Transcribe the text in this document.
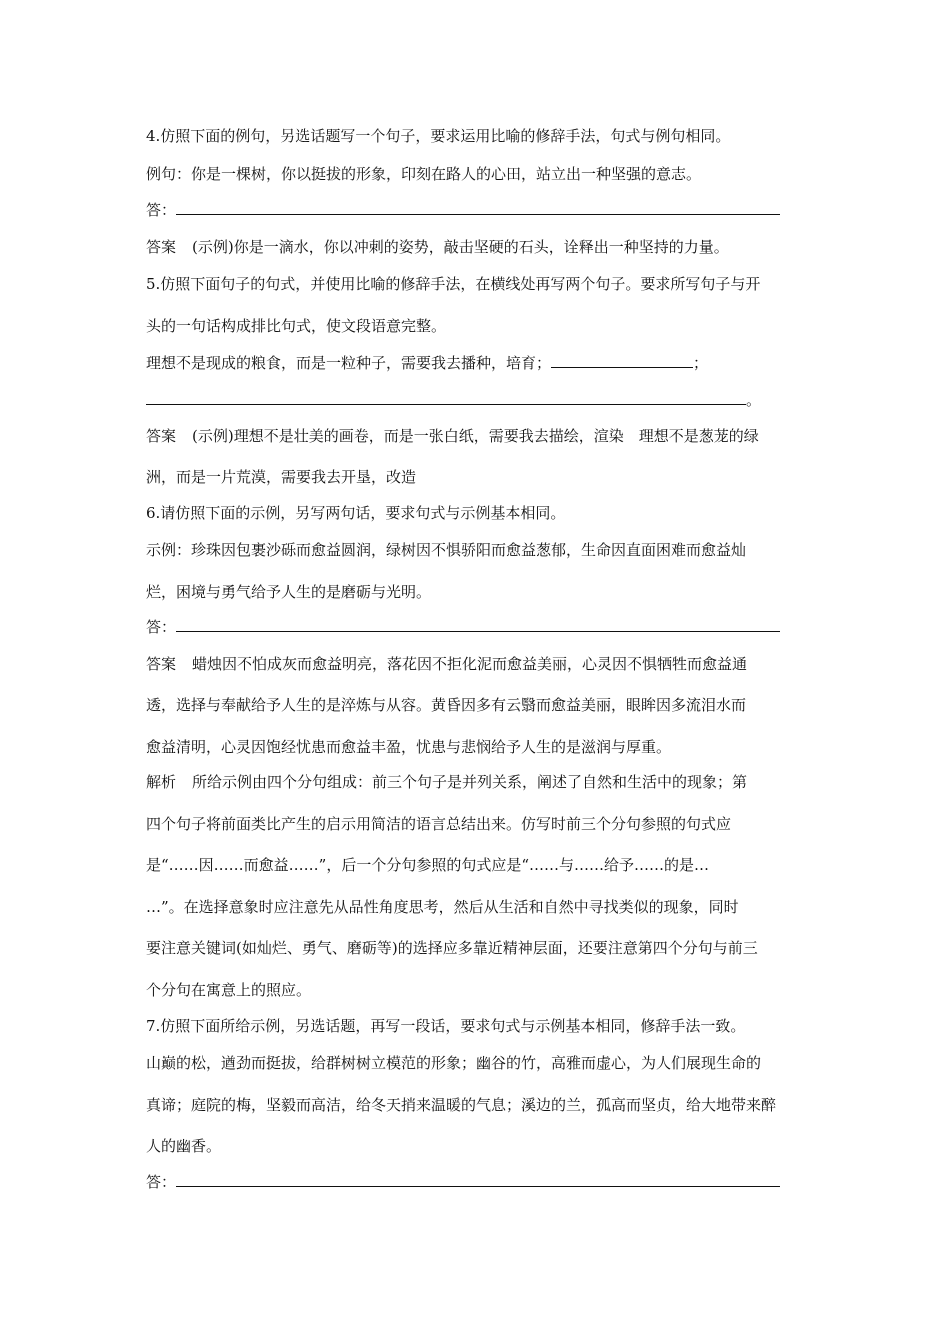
4.仿照下面的例句，另选话题写一个句子，要求运用比喻的修辞手法，句式与例句相同。
例句：你是一棵树，你以挺拔的形象，印刻在路人的心田，站立出一种坚强的意志。
答：
答案 (示例)你是一滴水，你以冲刺的姿势，敲击坚硬的石头，诠释出一种坚持的力量。
5.仿照下面句子的句式，并使用比喻的修辞手法，在横线处再写两个句子。要求所写句子与开
头的一句话构成排比句式，使文段语意完整。
理想不是现成的粮食，而是一粒种子，需要我去播种，培育；	；
。
答案 (示例)理想不是壮美的画卷，而是一张白纸，需要我去描绘，渲染　理想不是葱茏的绿
洲，而是一片荒漠，需要我去开垦，改造
6.请仿照下面的示例，另写两句话，要求句式与示例基本相同。
示例：珍珠因包裹沙砾而愈益圆润，绿树因不惧骄阳而愈益葱郁，生命因直面困难而愈益灿
烂，困境与勇气给予人生的是磨砺与光明。
答：
答案 蜡烛因不怕成灰而愈益明亮，落花因不拒化泥而愈益美丽，心灵因不惧牺牲而愈益通
透，选择与奉献给予人生的是淬炼与从容。黄昏因多有云翳而愈益美丽，眼眸因多流泪水而
愈益清明，心灵因饱经忧患而愈益丰盈，忧患与悲悯给予人生的是滋润与厚重。
解析 所给示例由四个分句组成：前三个句子是并列关系，阐述了自然和生活中的现象；第
四个句子将前面类比产生的启示用简洁的语言总结出来。仿写时前三个分句参照的句式应
是“……因……而愈益……”，后一个分句参照的句式应是“……与……给予……的是…
…”。在选择意象时应注意先从品性角度思考，然后从生活和自然中寻找类似的现象，同时
要注意关键词(如灿烂、勇气、磨砺等)的选择应多靠近精神层面，还要注意第四个分句与前三
个分句在寓意上的照应。
7.仿照下面所给示例，另选话题，再写一段话，要求句式与示例基本相同，修辞手法一致。
山巅的松，遒劲而挺拔，给群树树立模范的形象；幽谷的竹，高雅而虚心，为人们展现生命的
真谛；庭院的梅，坚毅而高洁，给冬天捎来温暖的气息；溪边的兰，孤高而坚贞，给大地带来醉
人的幽香。
答：
